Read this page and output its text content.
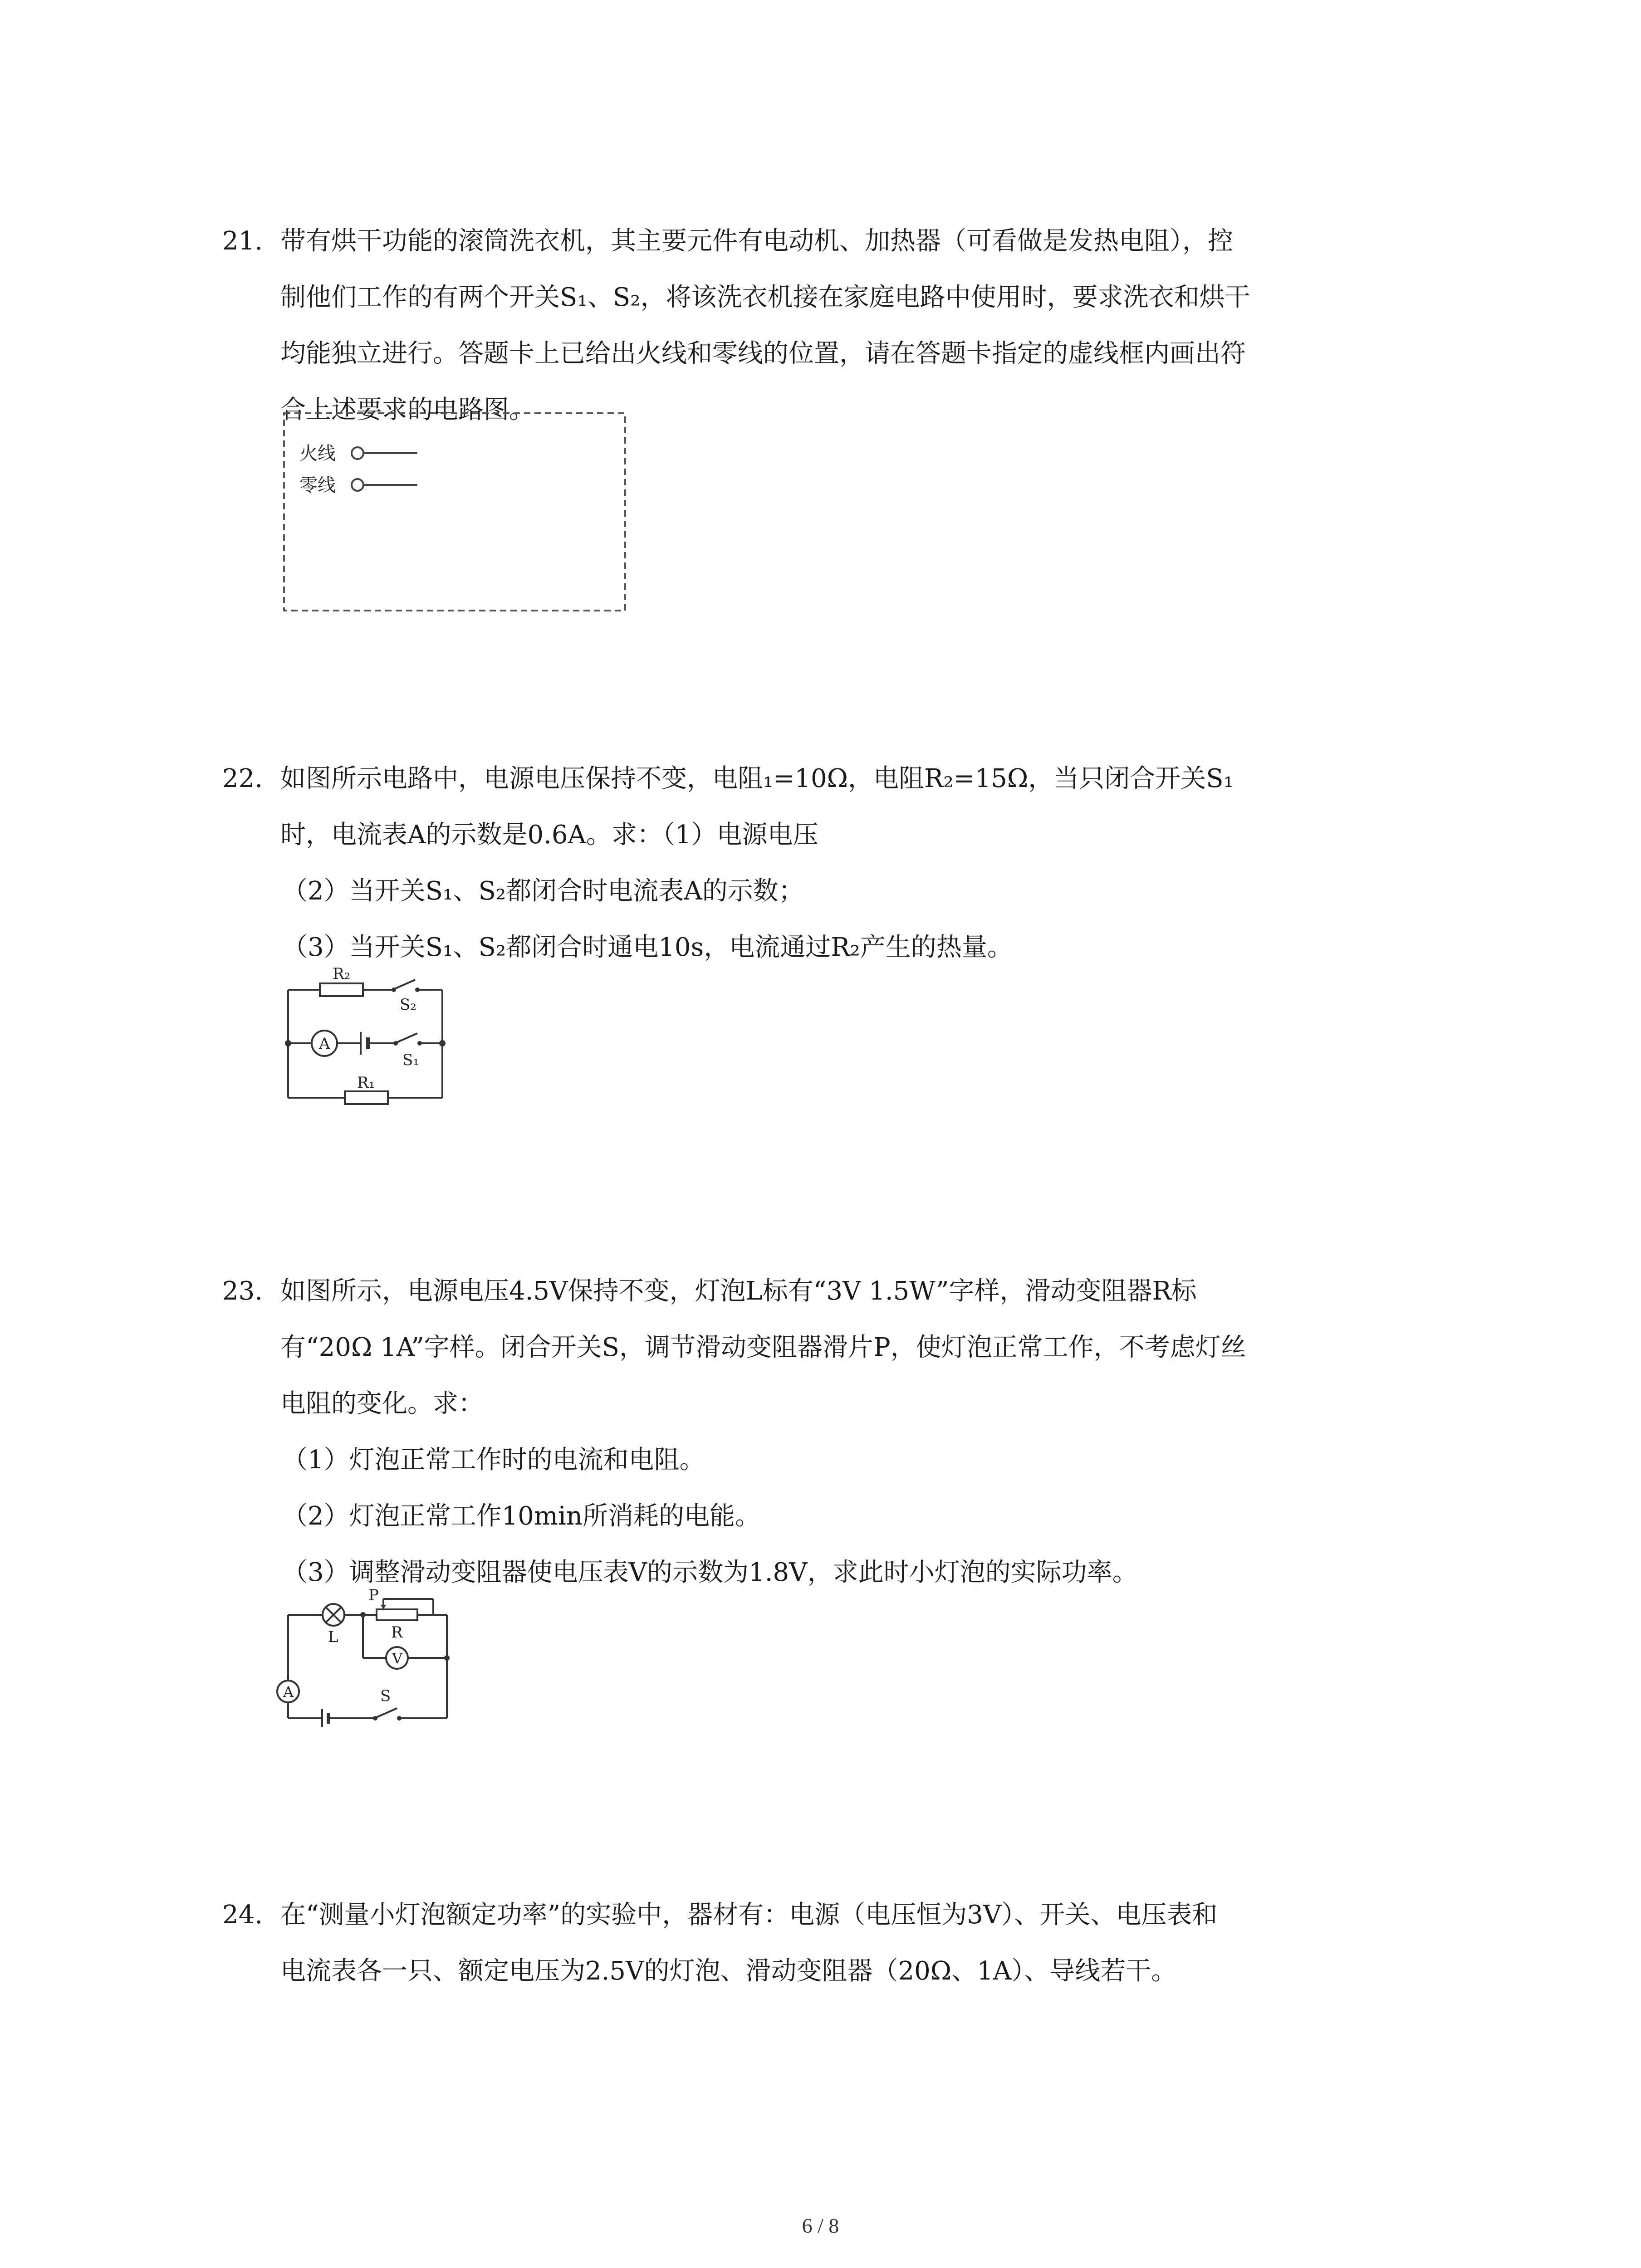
21. 带有烘干功能的滚筒洗衣机，其主要元件有电动机、加热器（可看做是发热电阻），控
制他们工作的有两个开关S₁、S₂，将该洗衣机接在家庭电路中使用时，要求洗衣和烘干
均能独立进行。答题卡上已给出火线和零线的位置，请在答题卡指定的虚线框内画出符
合上述要求的电路图。
火线
零线
22. 如图所示电路中，电源电压保持不变，电阻₁=10Ω，电阻R₂=15Ω，当只闭合开关S₁
时，电流表A的示数是0.6A。求：（1）电源电压
（2）当开关S₁、S₂都闭合时电流表A的示数；
（3）当开关S₁、S₂都闭合时通电10s，电流通过R₂产生的热量。
R₂
S₂
A
S₁
R₁
23. 如图所示，电源电压4.5V保持不变，灯泡L标有“3V 1.5W”字样，滑动变阻器R标
有“20Ω 1A”字样。闭合开关S，调节滑动变阻器滑片P，使灯泡正常工作，不考虑灯丝
电阻的变化。求：
（1）灯泡正常工作时的电流和电阻。
（2）灯泡正常工作10min所消耗的电能。
（3）调整滑动变阻器使电压表V的示数为1.8V，求此时小灯泡的实际功率。
P
L	R
V
A	S
24. 在“测量小灯泡额定功率”的实验中，器材有：电源（电压恒为3V）、开关、电压表和
电流表各一只、额定电压为2.5V的灯泡、滑动变阻器（20Ω、1A）、导线若干。
6 / 8
